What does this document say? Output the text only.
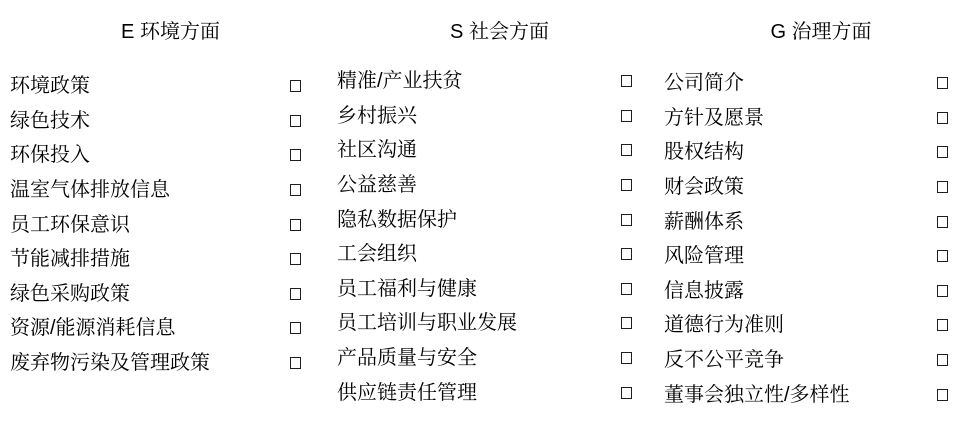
E 环境方面
环境政策
绿色技术
环保投入
温室气体排放信息
员工环保意识
节能减排措施
绿色采购政策
资源/能源消耗信息
废弃物污染及管理政策
S 社会方面
精准/产业扶贫
乡村振兴
社区沟通
公益慈善
隐私数据保护
工会组织
员工福利与健康
员工培训与职业发展
产品质量与安全
供应链责任管理
G 治理方面
公司简介
方针及愿景
股权结构
财会政策
薪酬体系
风险管理
信息披露
道德行为准则
反不公平竞争
董事会独立性/多样性
